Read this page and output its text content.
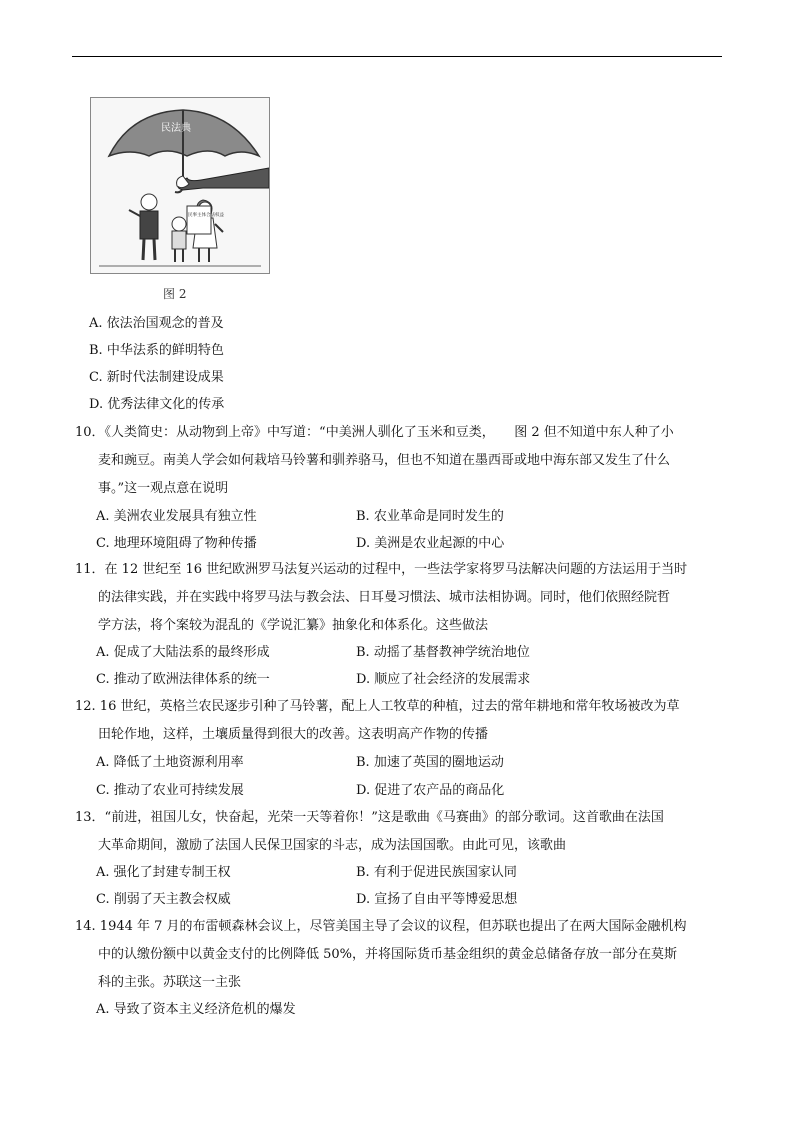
民法典
民事主体合法权益
图 2
A. 依法治国观念的普及
B. 中华法系的鲜明特色
C. 新时代法制建设成果
D. 优秀法律文化的传承
10．《人类简史：从动物到上帝》中写道：“中美洲人驯化了玉米和豆类，　　图 2 但不知道中东人种了小
麦和豌豆。南美人学会如何栽培马铃薯和驯养骆马，但也不知道在墨西哥或地中海东部又发生了什么
事。”这一观点意在说明
A. 美洲农业发展具有独立性	B. 农业革命是同时发生的
C. 地理环境阻碍了物种传播	D. 美洲是农业起源的中心
11．在 12 世纪至 16 世纪欧洲罗马法复兴运动的过程中，一些法学家将罗马法解决问题的方法运用于当时
的法律实践，并在实践中将罗马法与教会法、日耳曼习惯法、城市法相协调。同时，他们依照经院哲
学方法，将个案较为混乱的《学说汇纂》抽象化和体系化。这些做法
A. 促成了大陆法系的最终形成	B. 动摇了基督教神学统治地位
C. 推动了欧洲法律体系的统一	D. 顺应了社会经济的发展需求
12. 16 世纪，英格兰农民逐步引种了马铃薯，配上人工牧草的种植，过去的常年耕地和常年牧场被改为草
田轮作地，这样，土壤质量得到很大的改善。这表明高产作物的传播
A. 降低了土地资源利用率	B. 加速了英国的圈地运动
C. 推动了农业可持续发展	D. 促进了农产品的商品化
13．“前进，祖国儿女，快奋起，光荣一天等着你！”这是歌曲《马赛曲》的部分歌词。这首歌曲在法国
大革命期间，激励了法国人民保卫国家的斗志，成为法国国歌。由此可见，该歌曲
A. 强化了封建专制王权	B. 有利于促进民族国家认同
C. 削弱了天主教会权威	D. 宣扬了自由平等博爱思想
14. 1944 年 7 月的布雷顿森林会议上，尽管美国主导了会议的议程，但苏联也提出了在两大国际金融机构
中的认缴份额中以黄金支付的比例降低 50%，并将国际货币基金组织的黄金总储备存放一部分在莫斯
科的主张。苏联这一主张
A. 导致了资本主义经济危机的爆发
